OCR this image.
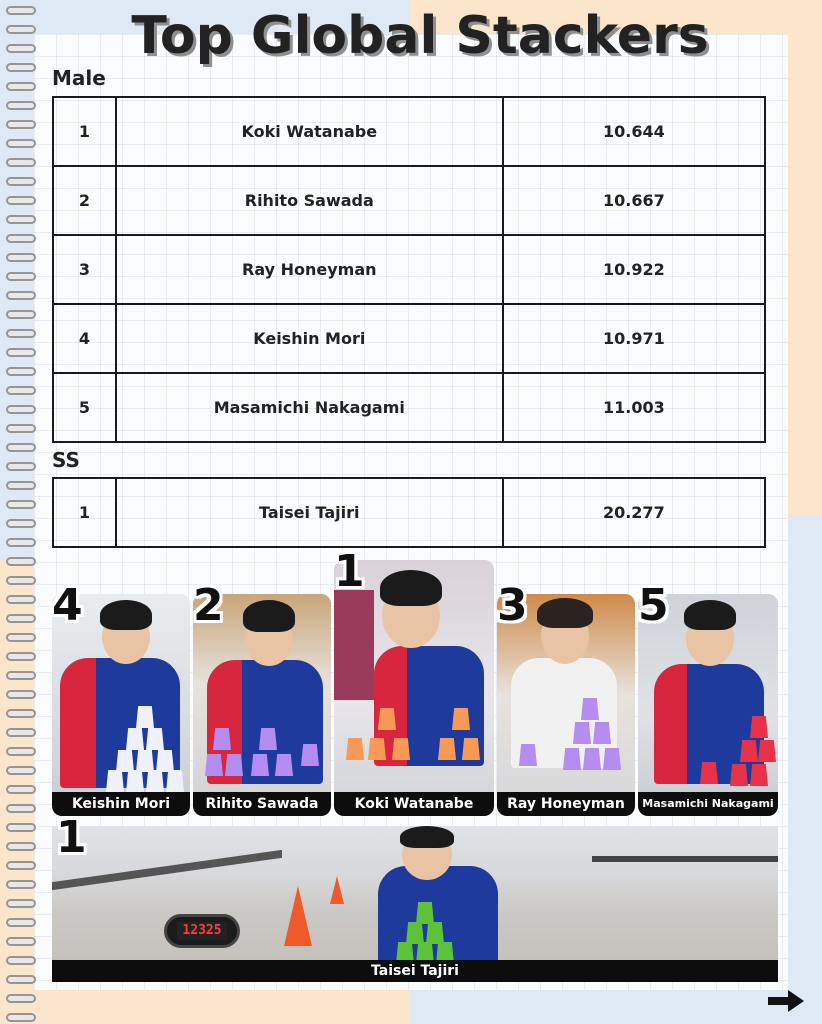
Top Global Stackers
Male
1	Koki Watanabe	10.644
2	Rihito Sawada	10.667
3	Ray Honeyman	10.922
4	Keishin Mori	10.971
5	Masamichi Nakagami	11.003
SS
1	Taisei Tajiri	20.277
Keishin Mori
4
Rihito Sawada
2
Koki Watanabe
1
Ray Honeyman
3
Masamichi Nakagami
5
12325
Taisei Tajiri
1
